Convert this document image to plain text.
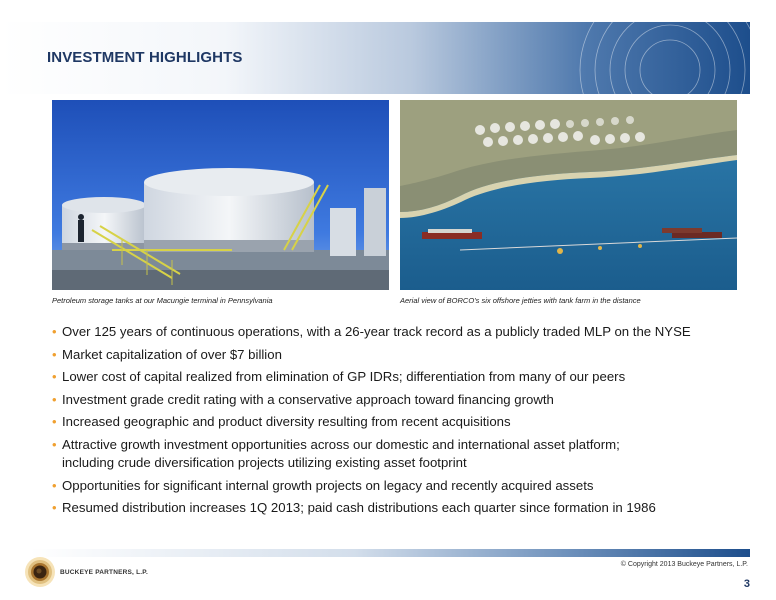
INVESTMENT HIGHLIGHTS
Petroleum storage tanks at our Macungie terminal in Pennsylvania	Aerial view of BORCO's six offshore jetties with tank farm in the distance
• Over 125 years of continuous operations, with a 26-year track record as a publicly traded MLP on the NYSE
• Market capitalization of over $7 billion
• Lower cost of capital realized from elimination of GP IDRs; differentiation from many of our peers
• Investment grade credit rating with a conservative approach toward financing growth
• Increased geographic and product diversity resulting from recent acquisitions
• Attractive growth investment opportunities across our domestic and international asset platform;
including crude diversification projects utilizing existing asset footprint
• Opportunities for significant internal growth projects on legacy and recently acquired assets
• Resumed distribution increases 1Q 2013; paid cash distributions each quarter since formation in 1986
BUCKEYE PARTNERS, L.P.
© Copyright 2013 Buckeye Partners, L.P.
3
